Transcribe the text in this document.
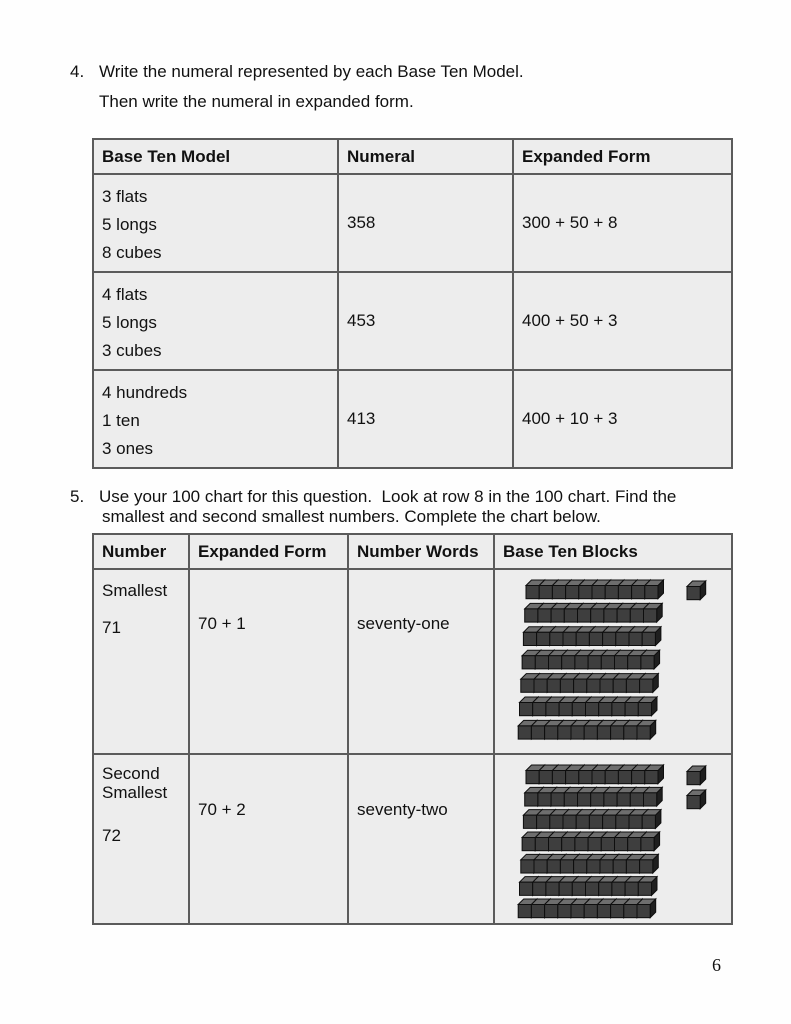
4. Write the numeral represented by each Base Ten Model.
Then write the numeral in expanded form.
Base Ten Model	Numeral	Expanded Form

3 flats
5 longs
8 cubes	358	300 + 50 + 8

4 flats
5 longs
3 cubes	453	400 + 50 + 3

4 hundreds
1 ten
3 ones	413	400 + 10 + 3
5. Use your 100 chart for this question.  Look at row 8 in the 100 chart. Find the
smallest and second smallest numbers. Complete the chart below.
Number	Expanded Form	Number Words	Base Ten Blocks

Smallest
71	70 + 1	seventy-one	

Second
Smallest
72	70 + 2	seventy-two	
6
